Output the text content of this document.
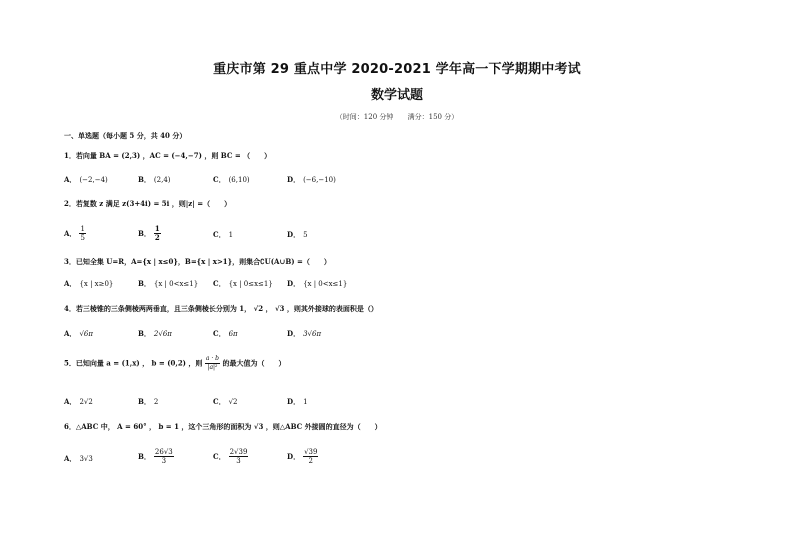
重庆市第 29 重点中学 2020-2021 学年高一下学期期中考试
数学试题
（时间：120 分钟 满分：150 分）
一、单选题（每小题 5 分，共 40 分）
1．若向量 BA = (2,3) ，AC = (−4,−7) ，则 BC = （　　）
A． (−2,−4)	B． (2,4)	C． (6,10)	D． (−6,−10)
2．若复数 z 满足 z(3+4i) = 5i ，则|z| =（　　）
A． $\frac{1}{5}$	B． $\frac{1}{2}$	C． 1	D． 5
3．已知全集 U=R，A={x | x≤0}，B={x | x>1}，则集合∁U(A∪B) =（　　）
A． {x | x≥0}	B． {x | 0<x≤1} C． {x | 0≤x≤1} D． {x | 0<x≤1}
4．若三棱锥的三条侧棱两两垂直，且三条侧棱长分别为 1， √2 ， √3 ，则其外接球的表面积是（）
A． √6π	B． 2√6π	C． 6π	D． 3√6π
5．已知向量 a = (1,x) ， b = (0,2) ，则 $\frac{a \cdot b}{\text{|a|²}}$ 的最大值为（　　）
A． 2√2	B． 2	C． √2	D． 1
6．△ABC 中， A = 60° ， b = 1 ，这个三角形的面积为 √3 ，则△ABC 外接圆的直径为（　　）
A． 3√3	B． $\frac{26√3}{3}$	C． $\frac{2√39}{3}$	D． $\frac{√39}{2}$
